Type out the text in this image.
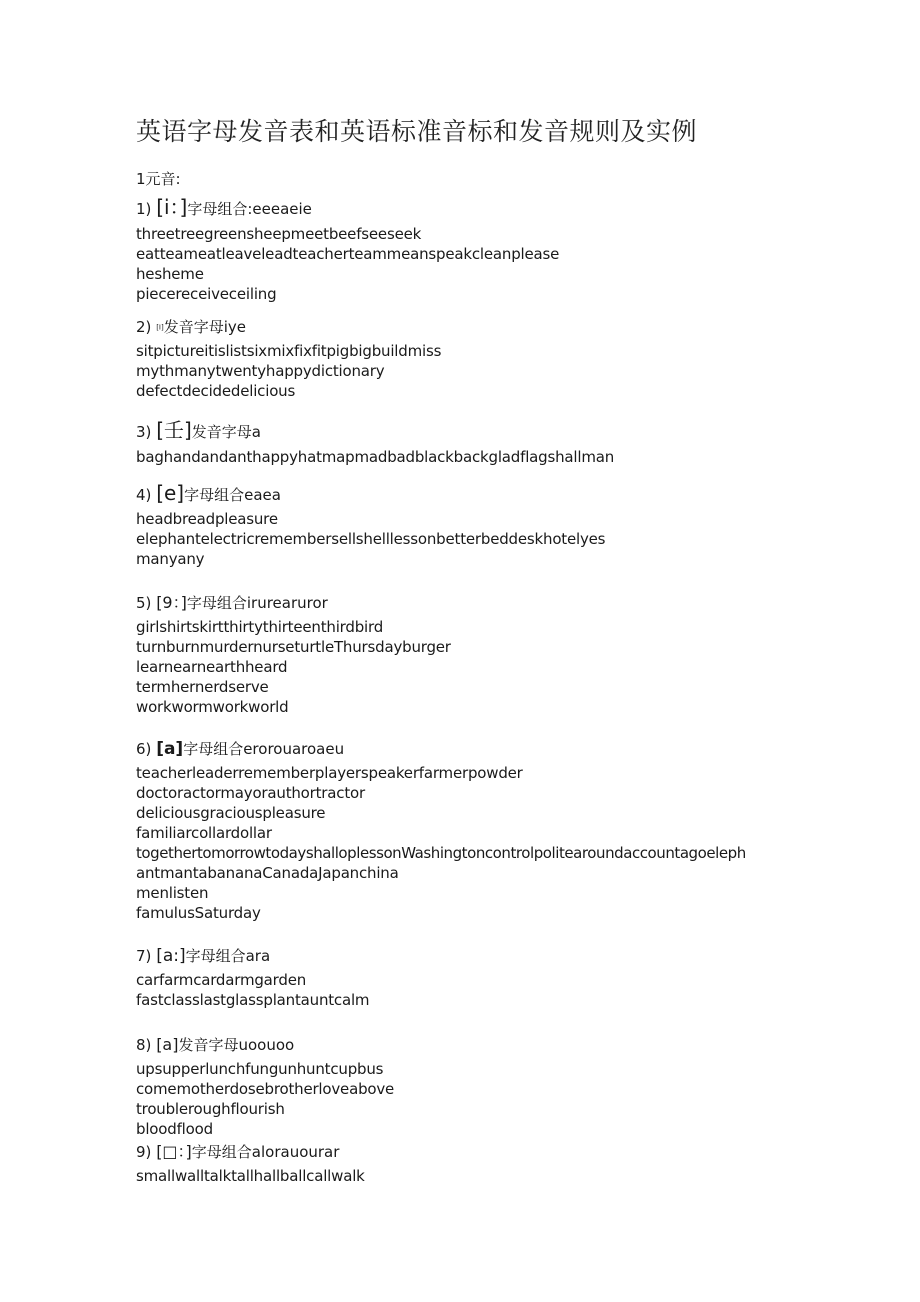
英语字母发音表和英语标准音标和发音规则及实例
1元音:
1) [i：]字母组合:eeeaeie
threetreegreensheepmeetbeefseeseek
eatteameatleaveleadteacherteammeanspeakcleanplease
hesheme
piecereceiveceiling
2) [I]发音字母iye
sitpictureitislistsixmixfixfitpigbigbuildmiss
mythmanytwentyhappydictionary
defectdecidedelicious
3) [壬]发音字母a
baghandandanthappyhatmapmadbadblackbackgladflagshallman
4) [e]字母组合eaea
headbreadpleasure
elephantelectricremembersellshelllessonbetterbeddeskhotelyes
manyany
5) [9：]字母组合irurearuror
girlshirtskirtthirtythirteenthirdbird
turnburnmurdernurseturtleThursdayburger
learnearnearthheard
termhernerdserve
workwormworkworld
6) [a]字母组合erorouaroaeu
teacherleaderrememberplayerspeakerfarmerpowder
doctoractormayorauthortractor
deliciousgraciouspleasure
familiarcollardollar
togethertomorrowtodayshalloplessonWashingtoncontrolpolitearoundaccountagoeleph
antmantabananaCanadaJapanchina
menlisten
famulusSaturday
7) [a:]字母组合ara
carfarmcardarmgarden
fastclasslastglassplantauntcalm
8) [a]发音字母uoouoo
upsupperlunchfungunhuntcupbus
comemotherdosebrotherloveabove
troubleroughflourish
bloodflood
9) [□：]字母组合alorauourar
smallwalltalktallhallballcallwalk
